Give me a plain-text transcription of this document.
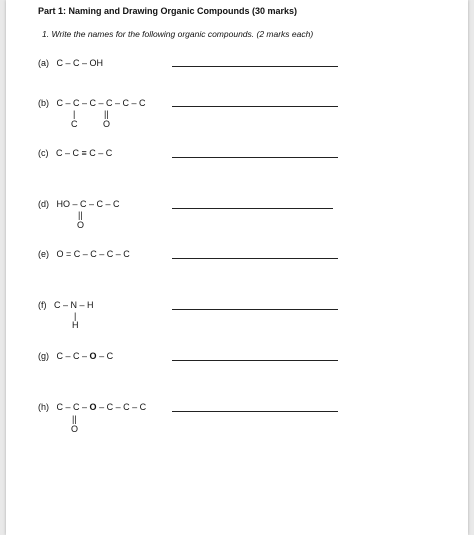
Part 1: Naming and Drawing Organic Compounds (30 marks)
1. Write the names for the following organic compounds. (2 marks each)
(a) C – C – OH
(b) C – C – C – C – C – C
|
C
||
O
(c) C – C ≡ C – C
(d) HO – C – C – C
||
O
(e) O = C – C – C – C
(f) C – N – H
|
H
(g) C – C – O – C
(h) C – C – O – C – C – C
||
O
